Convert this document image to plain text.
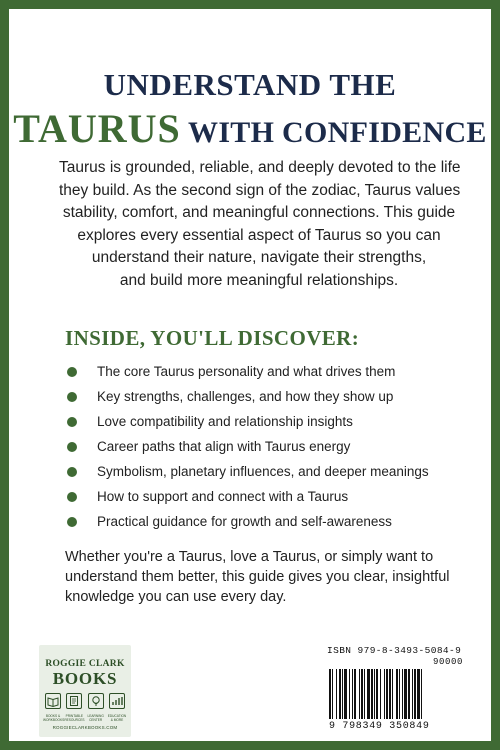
UNDERSTAND THE
TAURUS WITH CONFIDENCE
Taurus is grounded, reliable, and deeply devoted to the life
they build. As the second sign of the zodiac, Taurus values
stability, comfort, and meaningful connections. This guide
explores every essential aspect of Taurus so you can
understand their nature, navigate their strengths,
and build more meaningful relationships.
INSIDE, YOU'LL DISCOVER:
The core Taurus personality and what drives them
Key strengths, challenges, and how they show up
Love compatibility and relationship insights
Career paths that align with Taurus energy
Symbolism, planetary influences, and deeper meanings
How to support and connect with a Taurus
Practical guidance for growth and self-awareness
Whether you're a Taurus, love a Taurus, or simply want to
understand them better, this guide gives you clear, insightful
knowledge you can use every day.
ROGGIE CLARK
BOOKS
BOOKS & WORKBOOKS
PRINTABLE RESOURCES
LEARNING CENTER
EDUCATION & MORE
ROGGIECLARKBOOKS.COM
ISBN 979-8-3493-5084-9
90000
9 798349 350849
